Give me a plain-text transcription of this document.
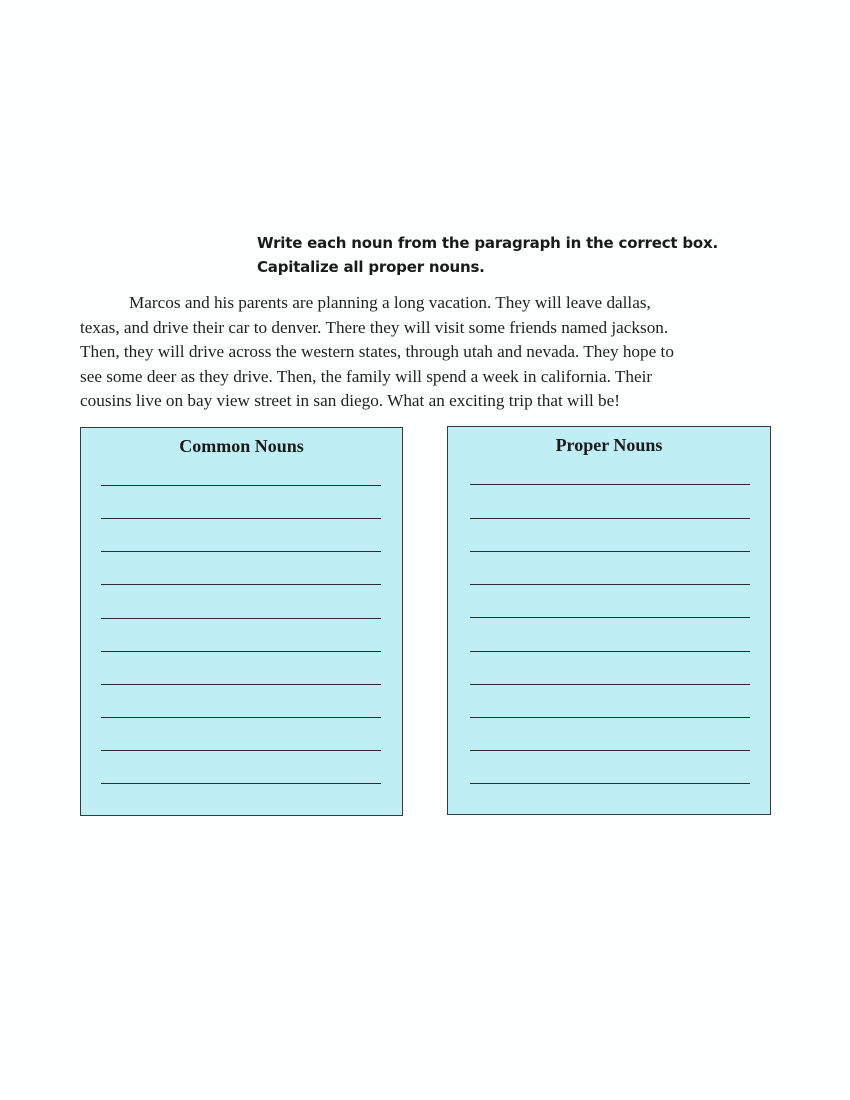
Write each noun from the paragraph in the correct box.
Capitalize all proper nouns.
Marcos and his parents are planning a long vacation. They will leave dallas,
texas, and drive their car to denver. There they will visit some friends named jackson.
Then, they will drive across the western states, through utah and nevada. They hope to
see some deer as they drive. Then, the family will spend a week in california. Their
cousins live on bay view street in san diego. What an exciting trip that will be!
Common Nouns	Proper Nouns
